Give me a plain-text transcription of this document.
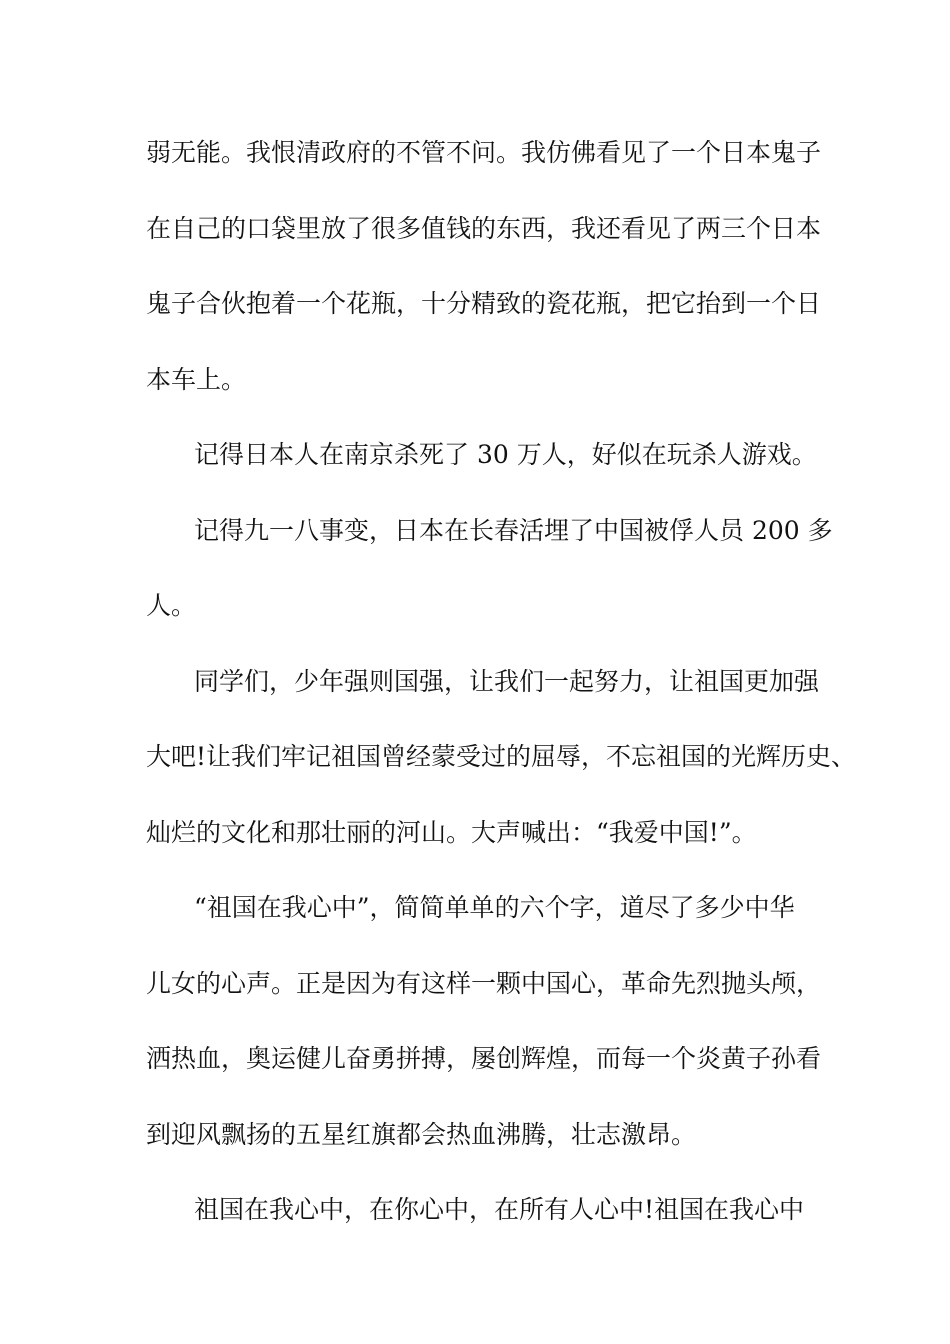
弱无能。我恨清政府的不管不问。我仿佛看见了一个日本鬼子
在自己的口袋里放了很多值钱的东西，我还看见了两三个日本
鬼子合伙抱着一个花瓶，十分精致的瓷花瓶，把它抬到一个日
本车上。
记得日本人在南京杀死了 30 万人，好似在玩杀人游戏。
记得九一八事变，日本在长春活埋了中国被俘人员 200 多
人。
同学们，少年强则国强，让我们一起努力，让祖国更加强
大吧!让我们牢记祖国曾经蒙受过的屈辱，不忘祖国的光辉历史、
灿烂的文化和那壮丽的河山。大声喊出：“我爱中国!”。
“祖国在我心中”，简简单单的六个字，道尽了多少中华
儿女的心声。正是因为有这样一颗中国心，革命先烈抛头颅，
洒热血，奥运健儿奋勇拼搏，屡创辉煌，而每一个炎黄子孙看
到迎风飘扬的五星红旗都会热血沸腾，壮志激昂。
祖国在我心中，在你心中，在所有人心中!祖国在我心中
